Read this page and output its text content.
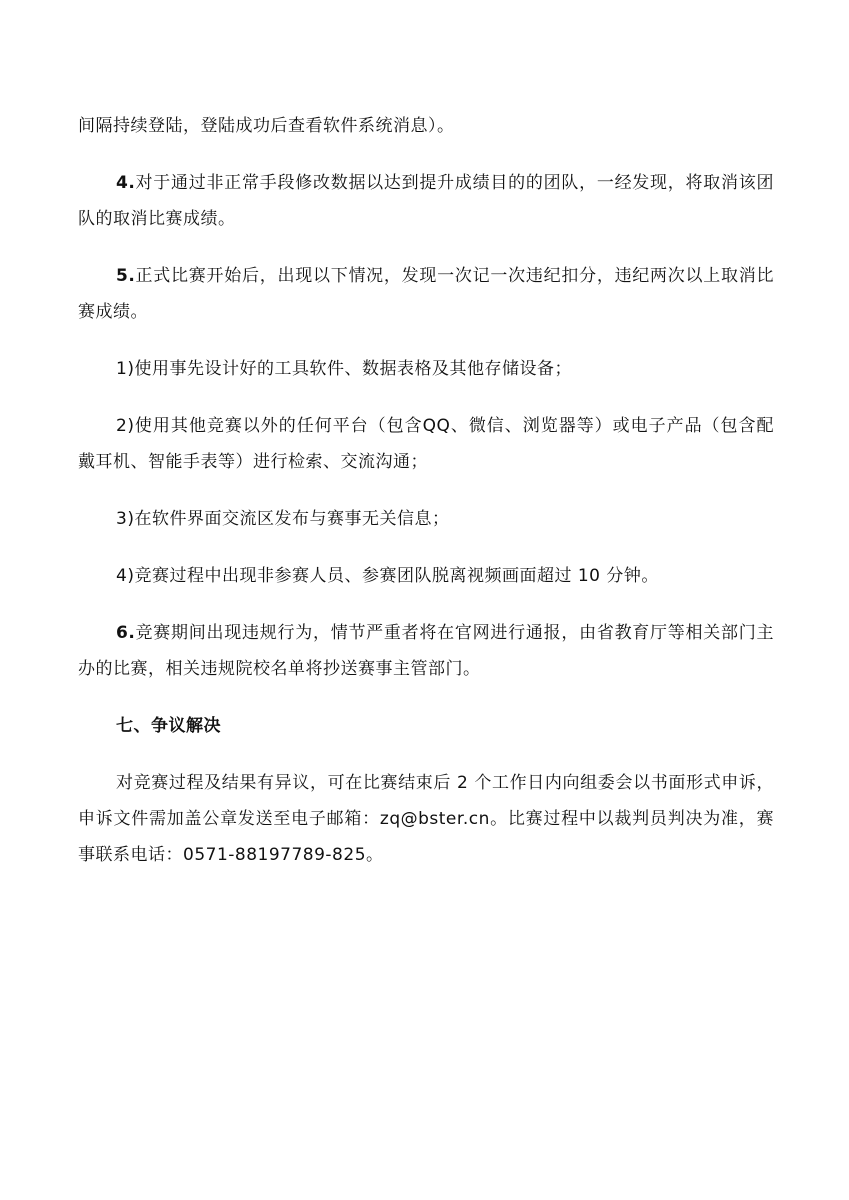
间隔持续登陆，登陆成功后查看软件系统消息）。

4.对于通过非正常手段修改数据以达到提升成绩目的的团队，一经发现，将取消该团队的取消比赛成绩。

5.正式比赛开始后，出现以下情况，发现一次记一次违纪扣分，违纪两次以上取消比赛成绩。

1)使用事先设计好的工具软件、数据表格及其他存储设备；

2)使用其他竞赛以外的任何平台（包含QQ、微信、浏览器等）或电子产品（包含配戴耳机、智能手表等）进行检索、交流沟通；

3)在软件界面交流区发布与赛事无关信息；

4)竞赛过程中出现非参赛人员、参赛团队脱离视频画面超过 10 分钟。

6.竞赛期间出现违规行为，情节严重者将在官网进行通报，由省教育厅等相关部门主办的比赛，相关违规院校名单将抄送赛事主管部门。

七、争议解决

对竞赛过程及结果有异议，可在比赛结束后 2 个工作日内向组委会以书面形式申诉，申诉文件需加盖公章发送至电子邮箱：zq@bster.cn。比赛过程中以裁判员判决为准，赛事联系电话：0571-88197789-825。
